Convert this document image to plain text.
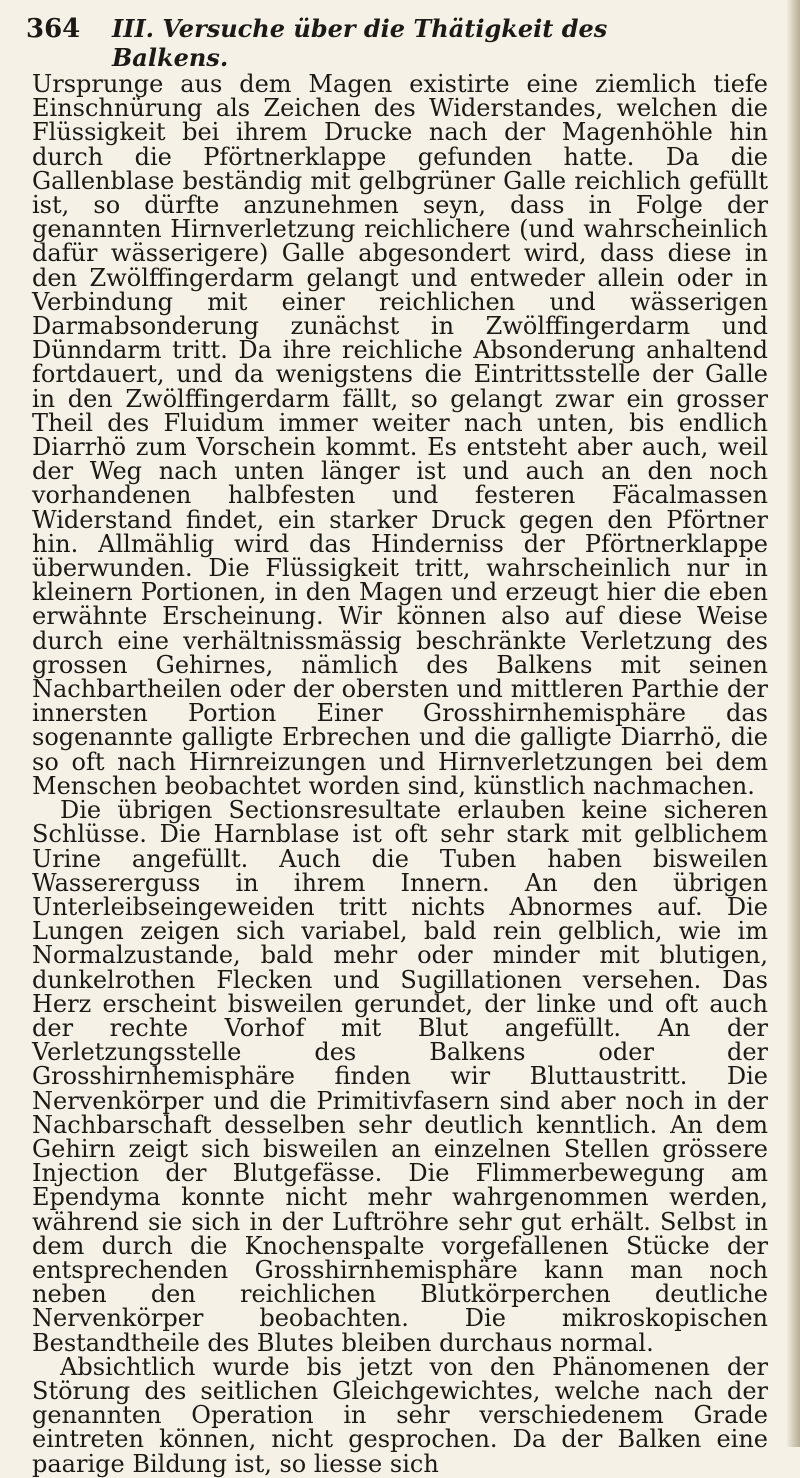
364 III. Versuche über die Thätigkeit des Balkens.

Ursprunge aus dem Magen existirte eine ziemlich tiefe Einschnürung als Zeichen des Widerstandes, welchen die Flüssigkeit bei ihrem Drucke nach der Magenhöhle hin durch die Pförtnerklappe gefunden hatte. Da die Gallenblase beständig mit gelbgrüner Galle reichlich gefüllt ist, so dürfte anzunehmen seyn, dass in Folge der genannten Hirnverletzung reichlichere (und wahrscheinlich dafür wässerigere) Galle abgesondert wird, dass diese in den Zwölffingerdarm gelangt und entweder allein oder in Verbindung mit einer reichlichen und wässerigen Darmabsonderung zunächst in Zwölffingerdarm und Dünndarm tritt. Da ihre reichliche Absonderung anhaltend fortdauert, und da wenigstens die Eintrittsstelle der Galle in den Zwölffingerdarm fällt, so gelangt zwar ein grosser Theil des Fluidum immer weiter nach unten, bis endlich Diarrhö zum Vorschein kommt. Es entsteht aber auch, weil der Weg nach unten länger ist und auch an den noch vorhandenen halbfesten und festeren Fäcalmassen Widerstand findet, ein starker Druck gegen den Pförtner hin. Allmählig wird das Hinderniss der Pförtnerklappe überwunden. Die Flüssigkeit tritt, wahrscheinlich nur in kleinern Portionen, in den Magen und erzeugt hier die eben erwähnte Erscheinung. Wir können also auf diese Weise durch eine verhältnissmässig beschränkte Verletzung des grossen Gehirnes, nämlich des Balkens mit seinen Nachbartheilen oder der obersten und mittleren Parthie der innersten Portion Einer Grosshirnhemisphäre das sogenannte galligte Erbrechen und die galligte Diarrhö, die so oft nach Hirnreizungen und Hirnverletzungen bei dem Menschen beobachtet worden sind, künstlich nachmachen.

Die übrigen Sectionsresultate erlauben keine sicheren Schlüsse. Die Harnblase ist oft sehr stark mit gelblichem Urine angefüllt. Auch die Tuben haben bisweilen Wassererguss in ihrem Innern. An den übrigen Unterleibseingeweiden tritt nichts Abnormes auf. Die Lungen zeigen sich variabel, bald rein gelblich, wie im Normalzustande, bald mehr oder minder mit blutigen, dunkelrothen Flecken und Sugillationen versehen. Das Herz erscheint bisweilen gerundet, der linke und oft auch der rechte Vorhof mit Blut angefüllt. An der Verletzungsstelle des Balkens oder der Grosshirnhemisphäre finden wir Bluttaustritt. Die Nervenkörper und die Primitivfasern sind aber noch in der Nachbarschaft desselben sehr deutlich kenntlich. An dem Gehirn zeigt sich bisweilen an einzelnen Stellen grössere Injection der Blutgefässe. Die Flimmerbewegung am Ependyma konnte nicht mehr wahrgenommen werden, während sie sich in der Luftröhre sehr gut erhält. Selbst in dem durch die Knochenspalte vorgefallenen Stücke der entsprechenden Grosshirnhemisphäre kann man noch neben den reichlichen Blutkörperchen deutliche Nervenkörper beobachten. Die mikroskopischen Bestandtheile des Blutes bleiben durchaus normal.

Absichtlich wurde bis jetzt von den Phänomenen der Störung des seitlichen Gleichgewichtes, welche nach der genannten Operation in sehr verschiedenem Grade eintreten können, nicht gesprochen. Da der Balken eine paarige Bildung ist, so liesse sich
